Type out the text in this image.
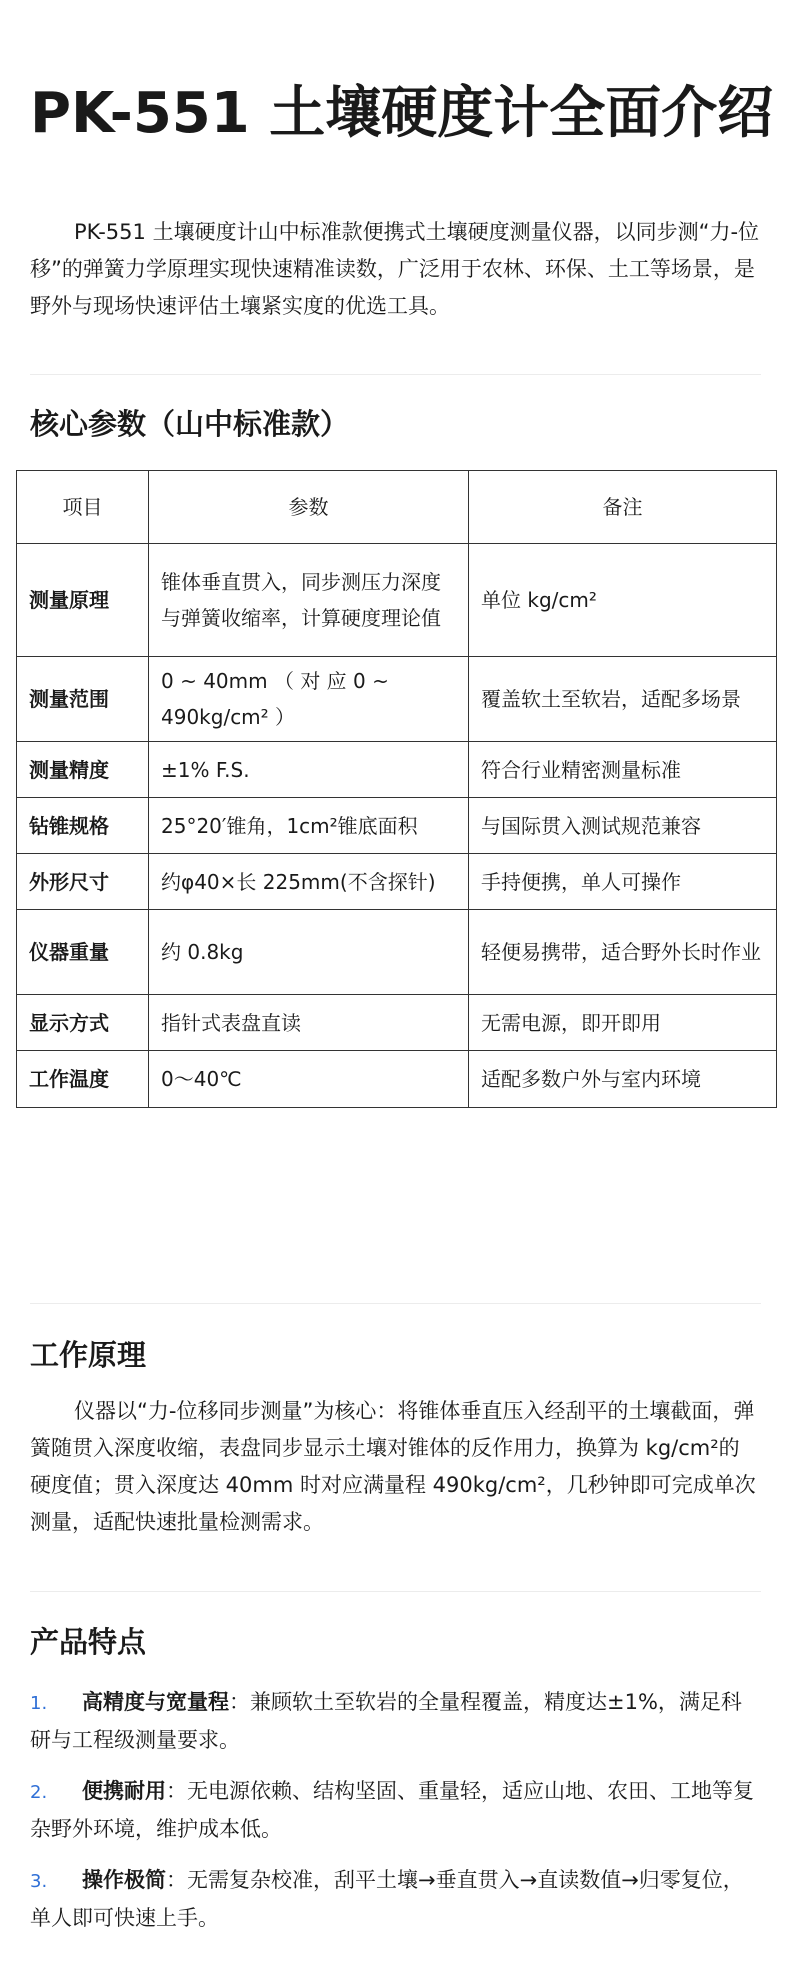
PK-551 土壤硬度计全面介绍

PK-551 土壤硬度计山中标准款便携式土壤硬度测量仪器，以同步测“力-位移”的弹簧力学原理实现快速精准读数，广泛用于农林、环保、土工等场景，是野外与现场快速评估土壤紧实度的优选工具。

核心参数（山中标准款）
项目	参数	备注
测量原理	锥体垂直贯入，同步测压力深度与弹簧收缩率，计算硬度理论值	单位 kg/cm²
测量范围	0 ~ 40mm （ 对 应 0 ~ 490kg/cm² ）	覆盖软土至软岩，适配多场景
测量精度	±1% F.S.	符合行业精密测量标准
钻锥规格	25°20′锥角，1cm²锥底面积	与国际贯入测试规范兼容
外形尺寸	约φ40×长 225mm(不含探针)	手持便携，单人可操作
仪器重量	约 0.8kg	轻便易携带，适合野外长时作业
显示方式	指针式表盘直读	无需电源，即开即用
工作温度	0～40℃	适配多数户外与室内环境
工作原理

仪器以“力-位移同步测量”为核心：将锥体垂直压入经刮平的土壤截面，弹簧随贯入深度收缩，表盘同步显示土壤对锥体的反作用力，换算为 kg/cm²的硬度值；贯入深度达 40mm 时对应满量程 490kg/cm²，几秒钟即可完成单次测量，适配快速批量检测需求。

产品特点
1. 高精度与宽量程：兼顾软土至软岩的全量程覆盖，精度达±1%，满足科研与工程级测量要求。
2. 便携耐用：无电源依赖、结构坚固、重量轻，适应山地、农田、工地等复杂野外环境，维护成本低。
3. 操作极简：无需复杂校准，刮平土壤→垂直贯入→直读数值→归零复位，单人即可快速上手。
